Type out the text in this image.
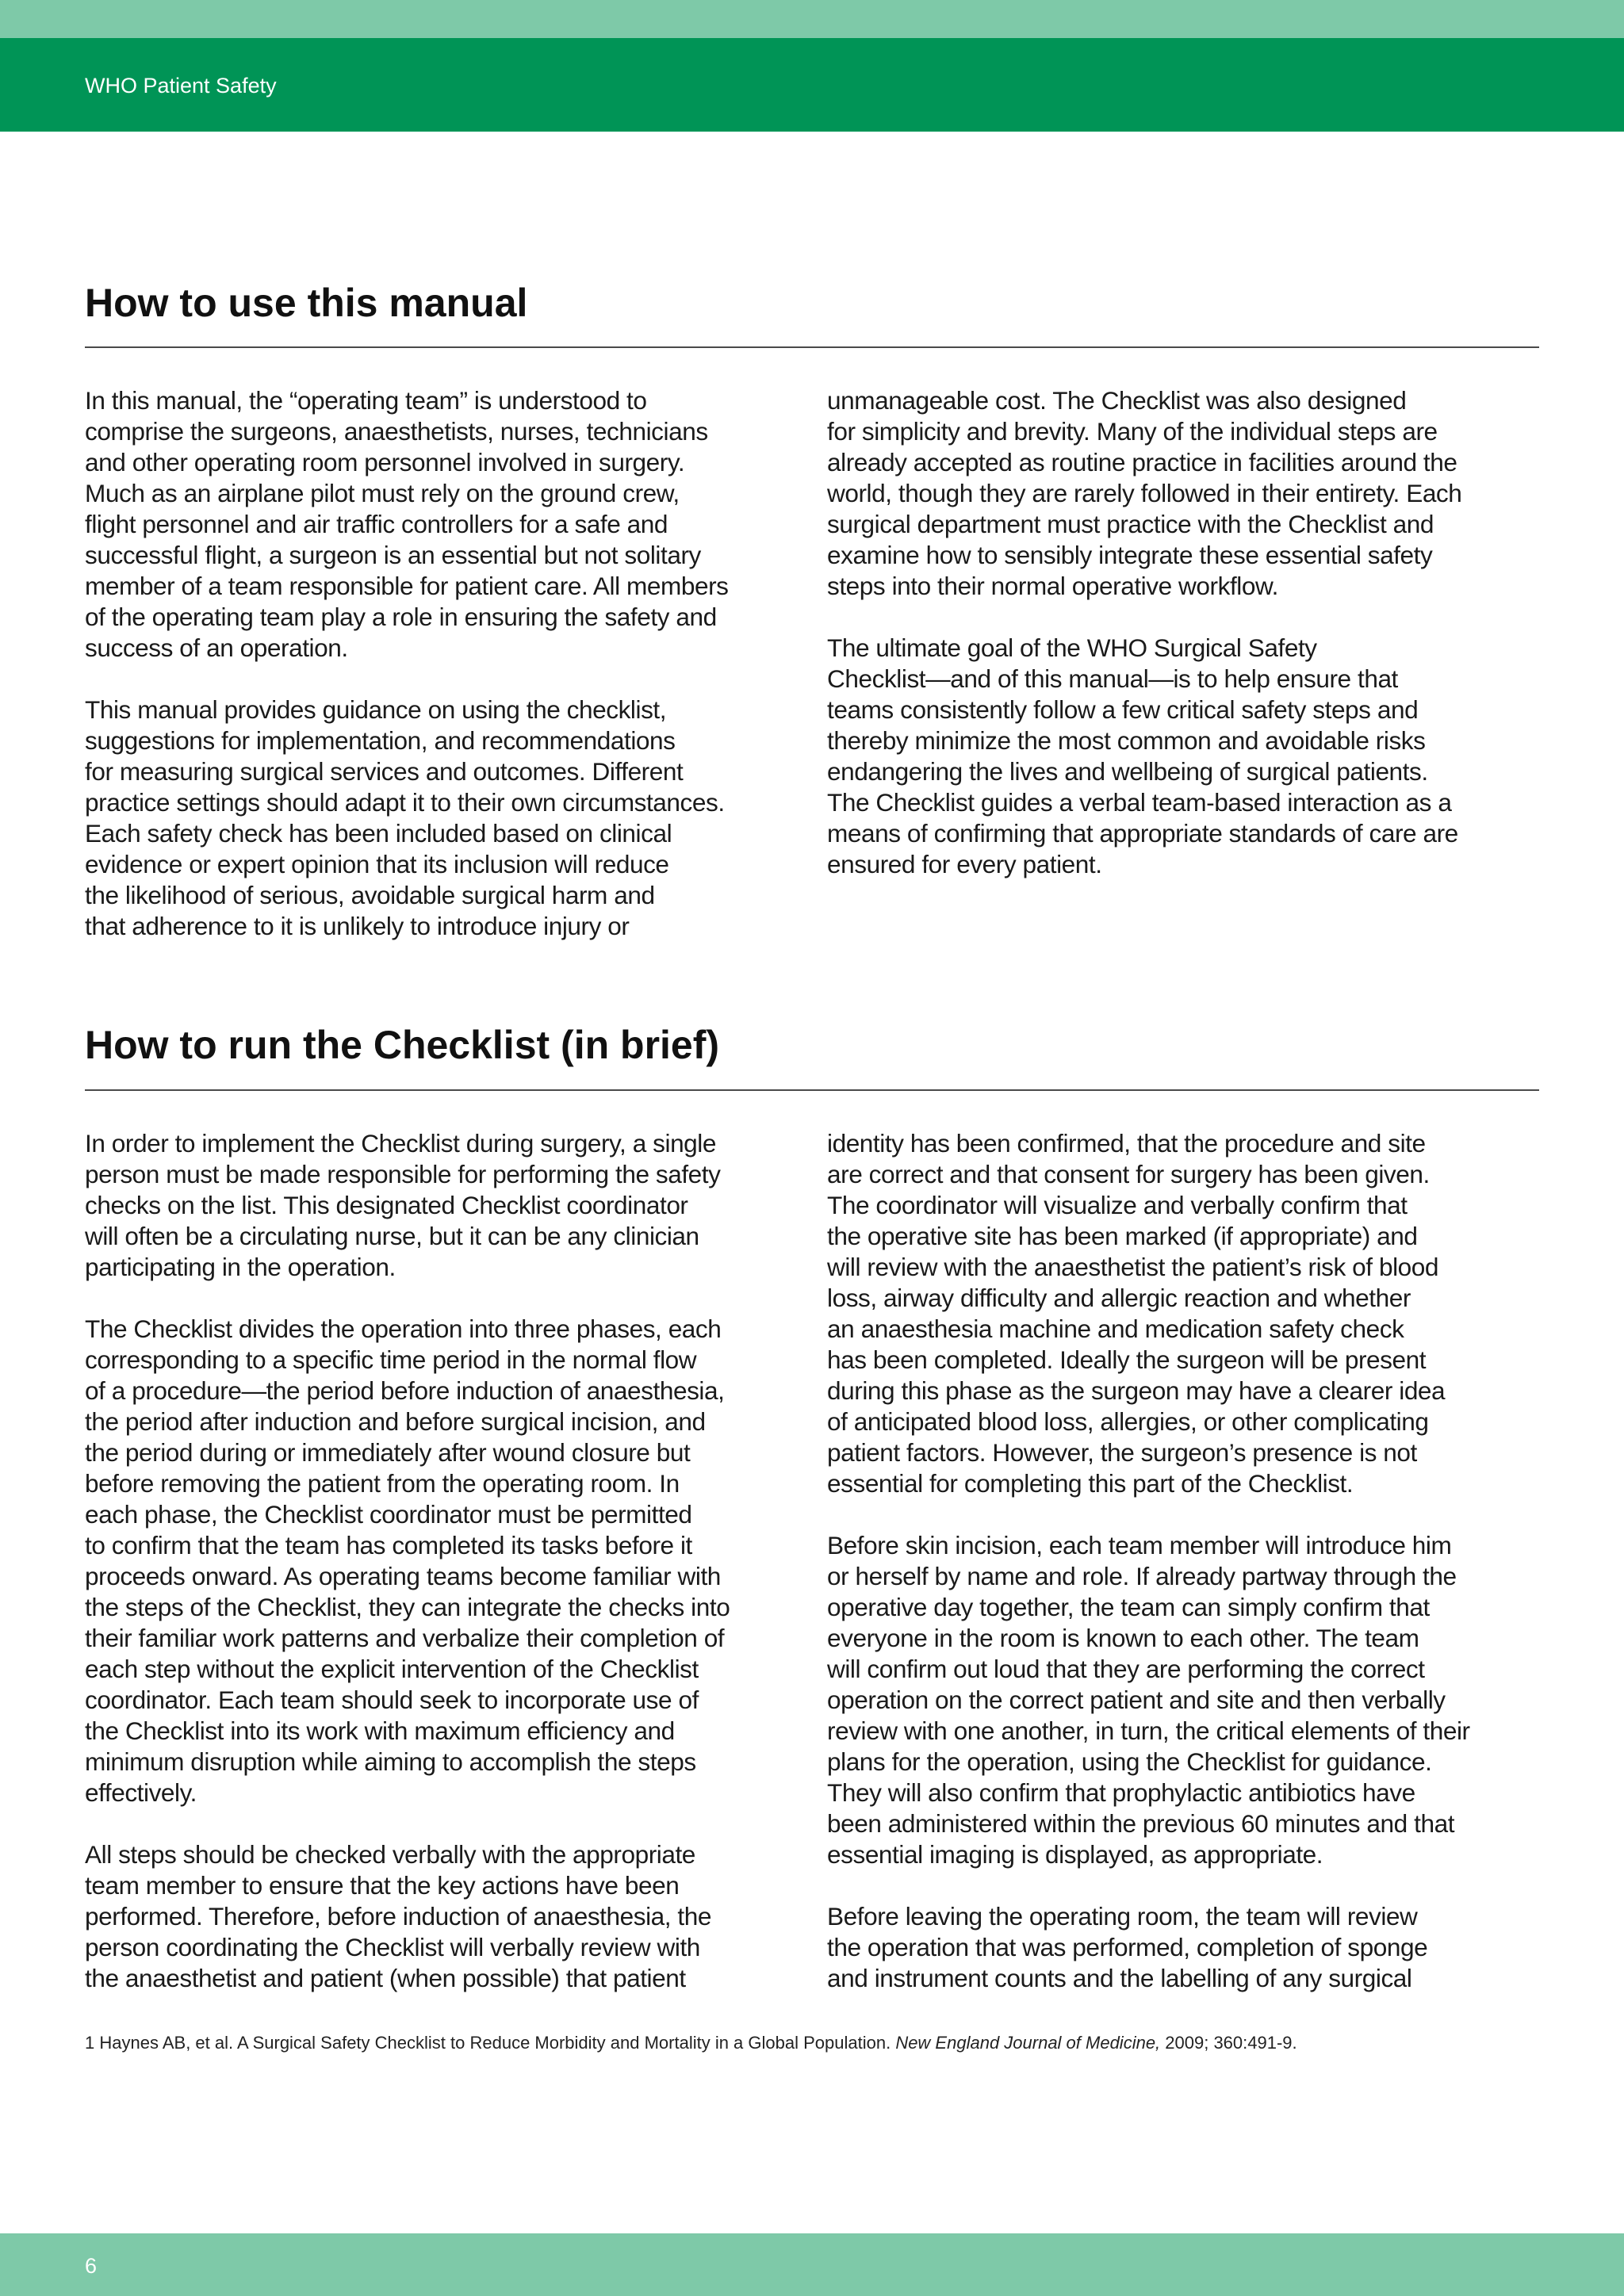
WHO Patient Safety
How to use this manual

In this manual, the “operating team” is understood to
comprise the surgeons, anaesthetists, nurses, technicians
and other operating room personnel involved in surgery.
Much as an airplane pilot must rely on the ground crew,
flight personnel and air traffic controllers for a safe and
successful flight, a surgeon is an essential but not solitary
member of a team responsible for patient care. All members
of the operating team play a role in ensuring the safety and
success of an operation.

This manual provides guidance on using the checklist,
suggestions for implementation, and recommendations
for measuring surgical services and outcomes. Different
practice settings should adapt it to their own circumstances.
Each safety check has been included based on clinical
evidence or expert opinion that its inclusion will reduce
the likelihood of serious, avoidable surgical harm and
that adherence to it is unlikely to introduce injury or

unmanageable cost. The Checklist was also designed
for simplicity and brevity. Many of the individual steps are
already accepted as routine practice in facilities around the
world, though they are rarely followed in their entirety. Each
surgical department must practice with the Checklist and
examine how to sensibly integrate these essential safety
steps into their normal operative workflow.

The ultimate goal of the WHO Surgical Safety
Checklist—and of this manual—is to help ensure that
teams consistently follow a few critical safety steps and
thereby minimize the most common and avoidable risks
endangering the lives and wellbeing of surgical patients.
The Checklist guides a verbal team-based interaction as a
means of confirming that appropriate standards of care are
ensured for every patient.

How to run the Checklist (in brief)

In order to implement the Checklist during surgery, a single
person must be made responsible for performing the safety
checks on the list. This designated Checklist coordinator
will often be a circulating nurse, but it can be any clinician
participating in the operation.

The Checklist divides the operation into three phases, each
corresponding to a specific time period in the normal flow
of a procedure—the period before induction of anaesthesia,
the period after induction and before surgical incision, and
the period during or immediately after wound closure but
before removing the patient from the operating room. In
each phase, the Checklist coordinator must be permitted
to confirm that the team has completed its tasks before it
proceeds onward. As operating teams become familiar with
the steps of the Checklist, they can integrate the checks into
their familiar work patterns and verbalize their completion of
each step without the explicit intervention of the Checklist
coordinator. Each team should seek to incorporate use of
the Checklist into its work with maximum efficiency and
minimum disruption while aiming to accomplish the steps
effectively.

All steps should be checked verbally with the appropriate
team member to ensure that the key actions have been
performed. Therefore, before induction of anaesthesia, the
person coordinating the Checklist will verbally review with
the anaesthetist and patient (when possible) that patient

identity has been confirmed, that the procedure and site
are correct and that consent for surgery has been given.
The coordinator will visualize and verbally confirm that
the operative site has been marked (if appropriate) and
will review with the anaesthetist the patient’s risk of blood
loss, airway difficulty and allergic reaction and whether
an anaesthesia machine and medication safety check
has been completed. Ideally the surgeon will be present
during this phase as the surgeon may have a clearer idea
of anticipated blood loss, allergies, or other complicating
patient factors. However, the surgeon’s presence is not
essential for completing this part of the Checklist.

Before skin incision, each team member will introduce him
or herself by name and role. If already partway through the
operative day together, the team can simply confirm that
everyone in the room is known to each other. The team
will confirm out loud that they are performing the correct
operation on the correct patient and site and then verbally
review with one another, in turn, the critical elements of their
plans for the operation, using the Checklist for guidance.
They will also confirm that prophylactic antibiotics have
been administered within the previous 60 minutes and that
essential imaging is displayed, as appropriate.

Before leaving the operating room, the team will review
the operation that was performed, completion of sponge
and instrument counts and the labelling of any surgical

1 Haynes AB, et al. A Surgical Safety Checklist to Reduce Morbidity and Mortality in a Global Population. New England Journal of Medicine, 2009; 360:491-9.
6
